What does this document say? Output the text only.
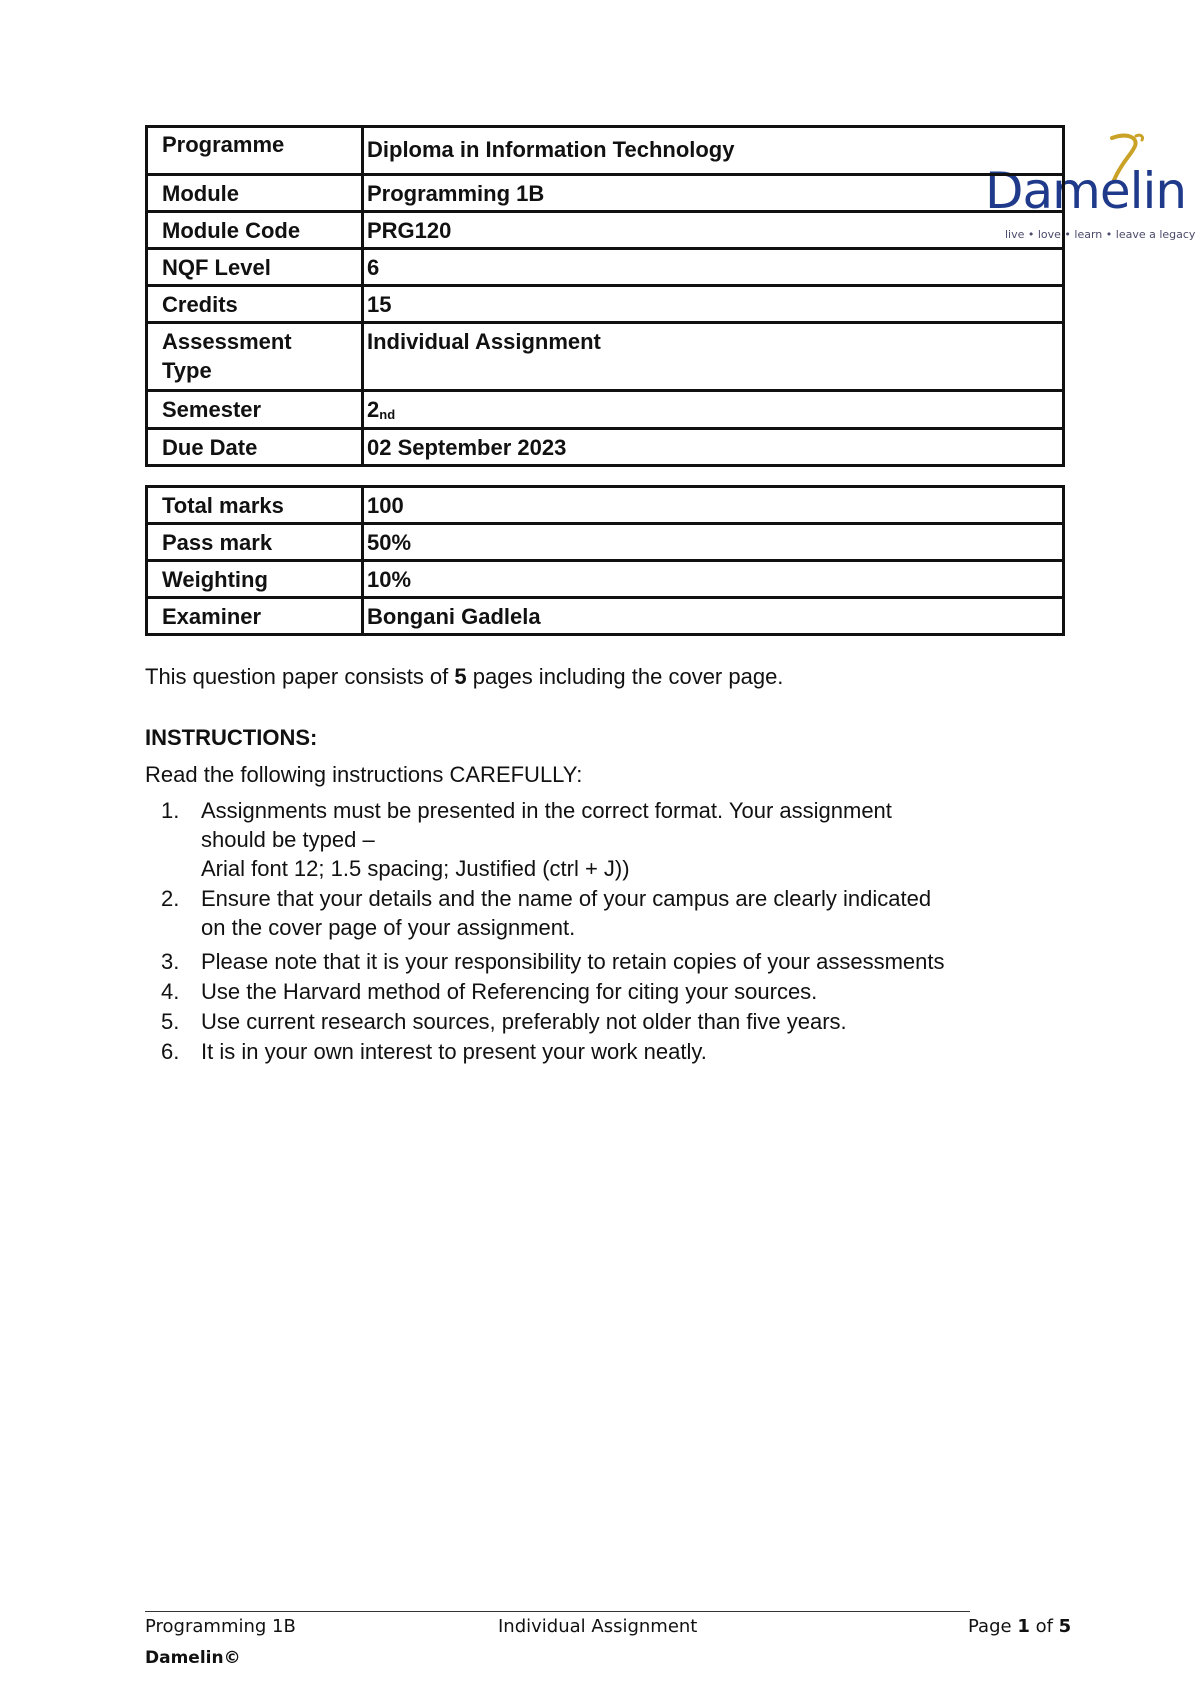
Damelin
live • love • learn • leave a legacy
Programme	Diploma in Information Technology
Module	Programming 1B
Module Code	PRG120
NQF Level	6
Credits	15
Assessment Type	Individual Assignment
Semester	$2_{nd}$
Due Date	02 September 2023
Total marks	100
Pass mark	50%
Weighting	10%
Examiner	Bongani Gadlela
This question paper consists of 5 pages including the cover page.
INSTRUCTIONS:
Read the following instructions CAREFULLY:
1. Assignments must be presented in the correct format. Your assignment
should be typed –
Arial font 12; 1.5 spacing; Justified (ctrl + J))
2. Ensure that your details and the name of your campus are clearly indicated
on the cover page of your assignment.
3. Please note that it is your responsibility to retain copies of your assessments
4. Use the Harvard method of Referencing for citing your sources.
5. Use current research sources, preferably not older than five years.
6. It is in your own interest to present your work neatly.
Programming 1B	Individual Assignment	Page 1 of 5
Damelin©
